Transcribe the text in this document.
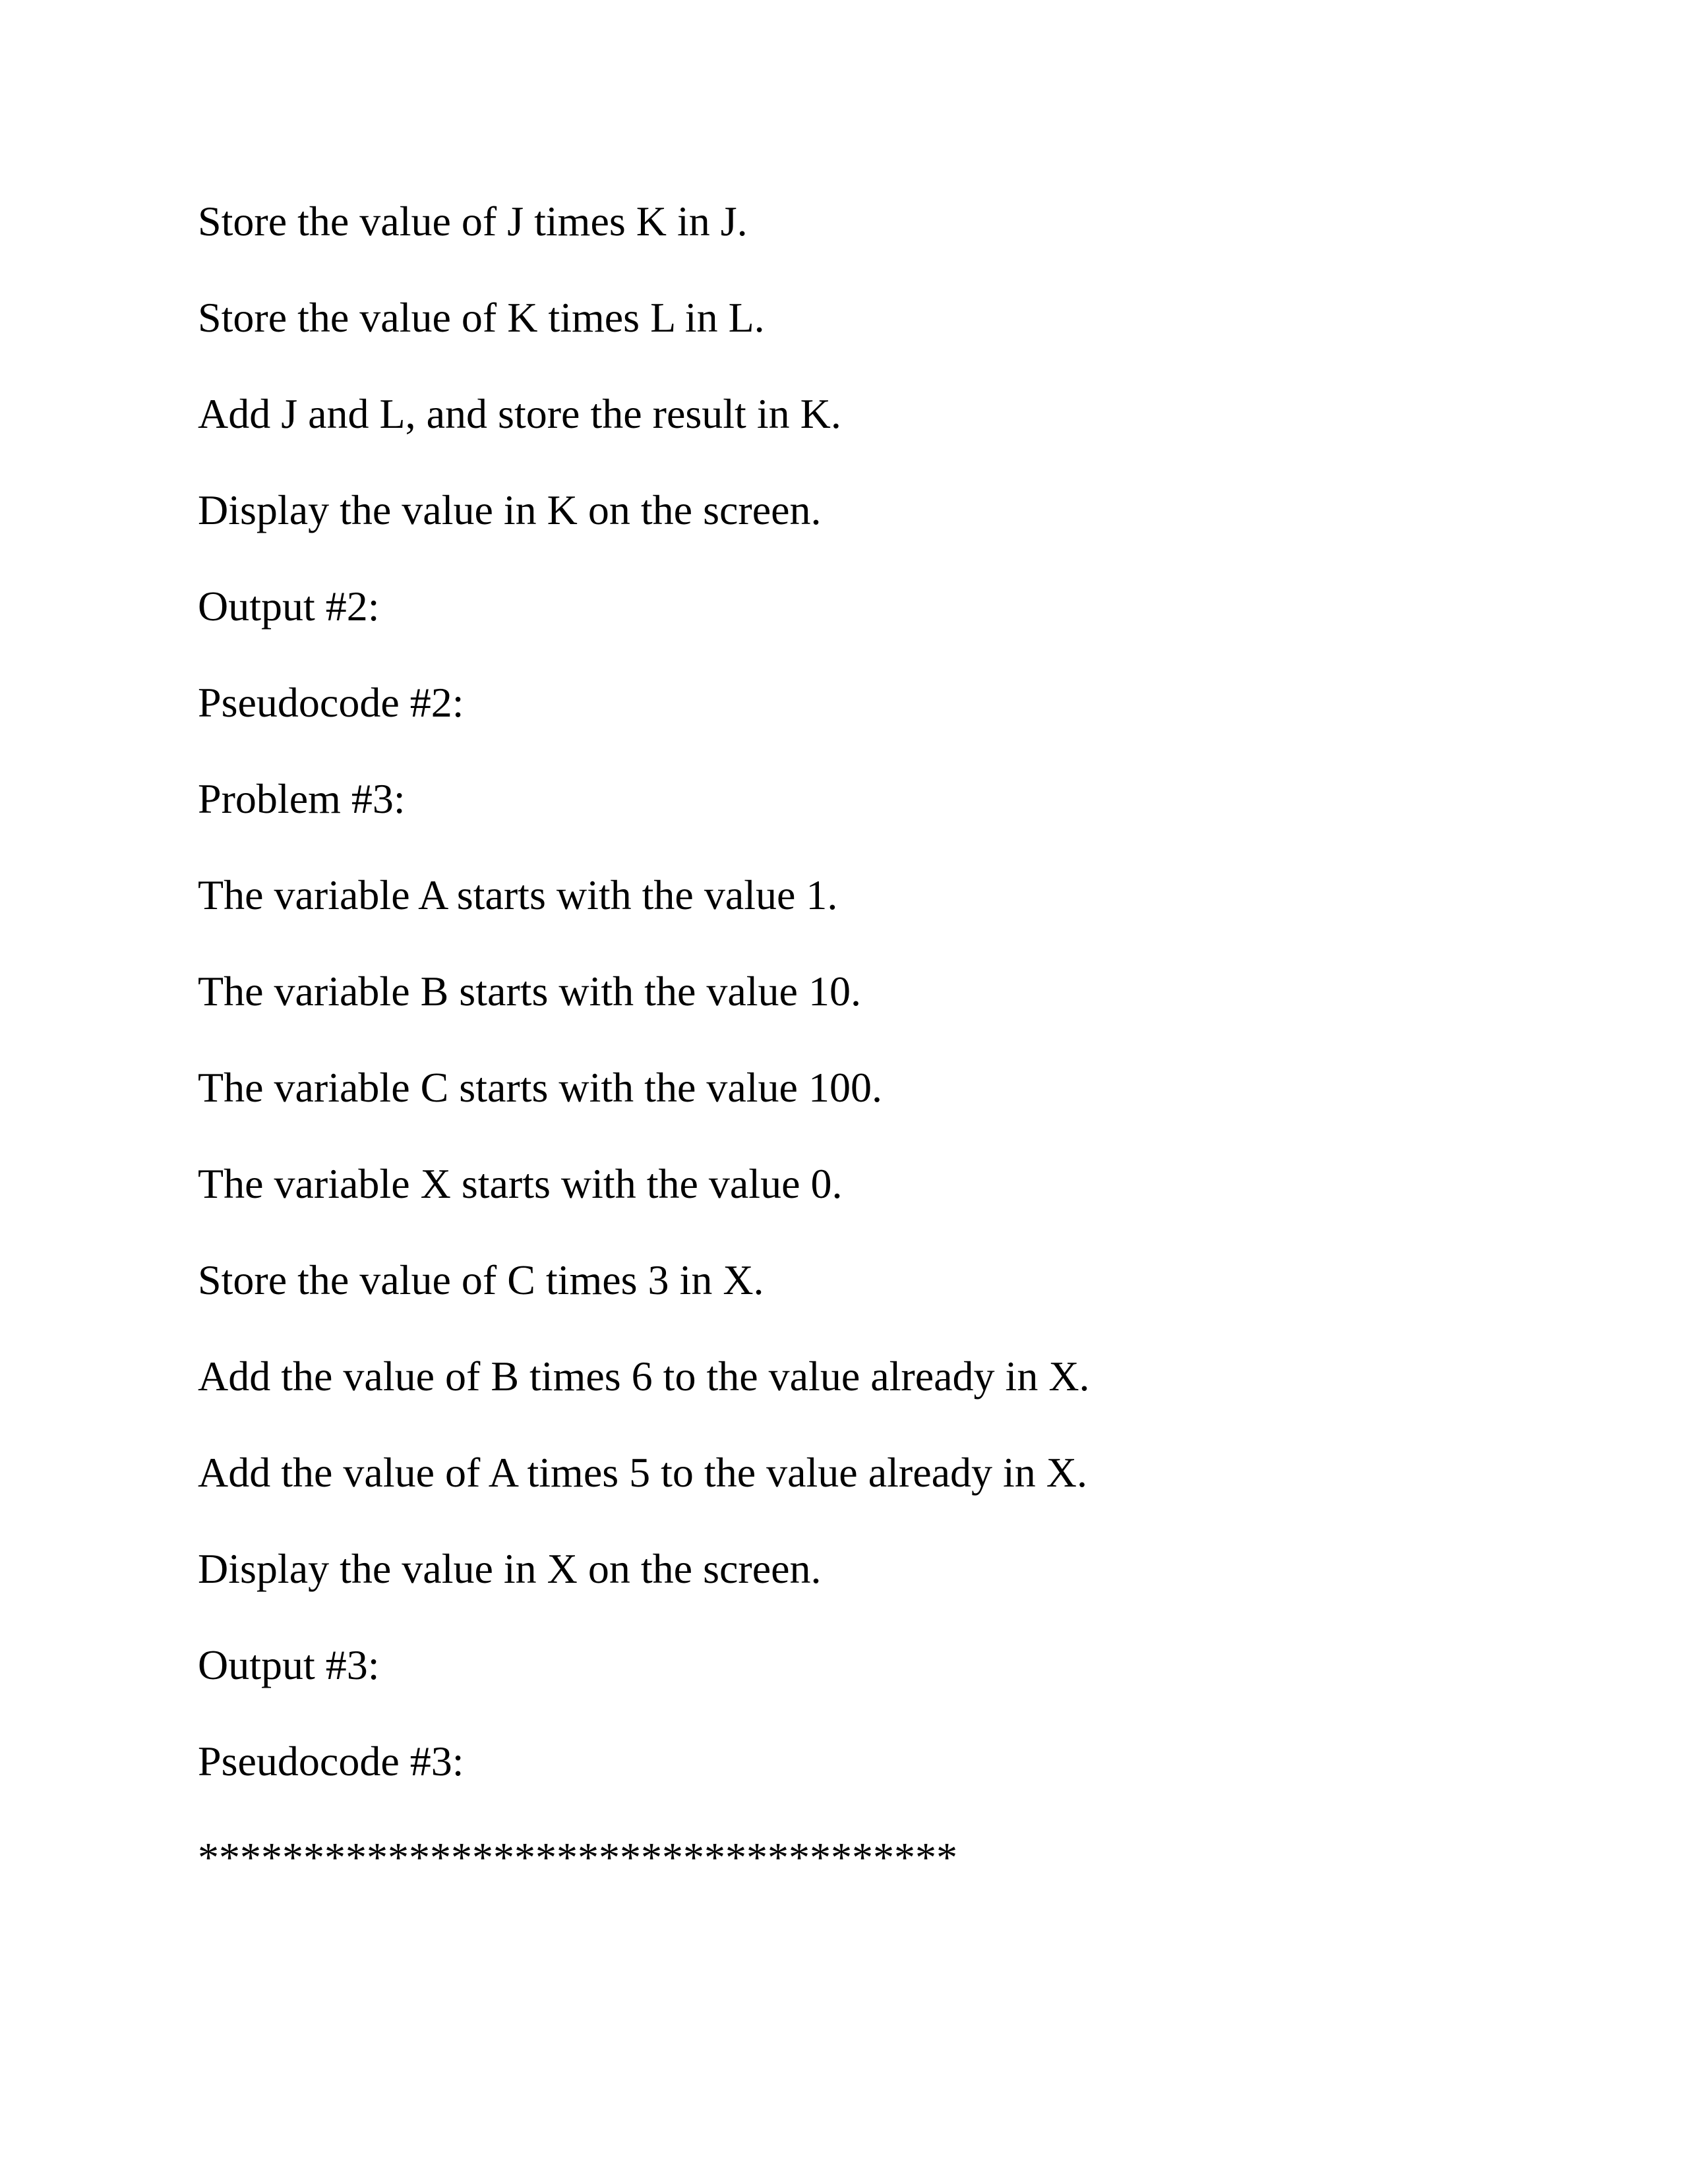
Store the value of J times K in J.
Store the value of K times L in L.
Add J and L, and store the result in K.
Display the value in K on the screen.
Output #2:
Pseudocode #2:
Problem #3:
The variable A starts with the value 1.
The variable B starts with the value 10.
The variable C starts with the value 100.
The variable X starts with the value 0.
Store the value of C times 3 in X.
Add the value of B times 6 to the value already in X.
Add the value of A times 5 to the value already in X.
Display the value in X on the screen.
Output #3:
Pseudocode #3:
************************************
